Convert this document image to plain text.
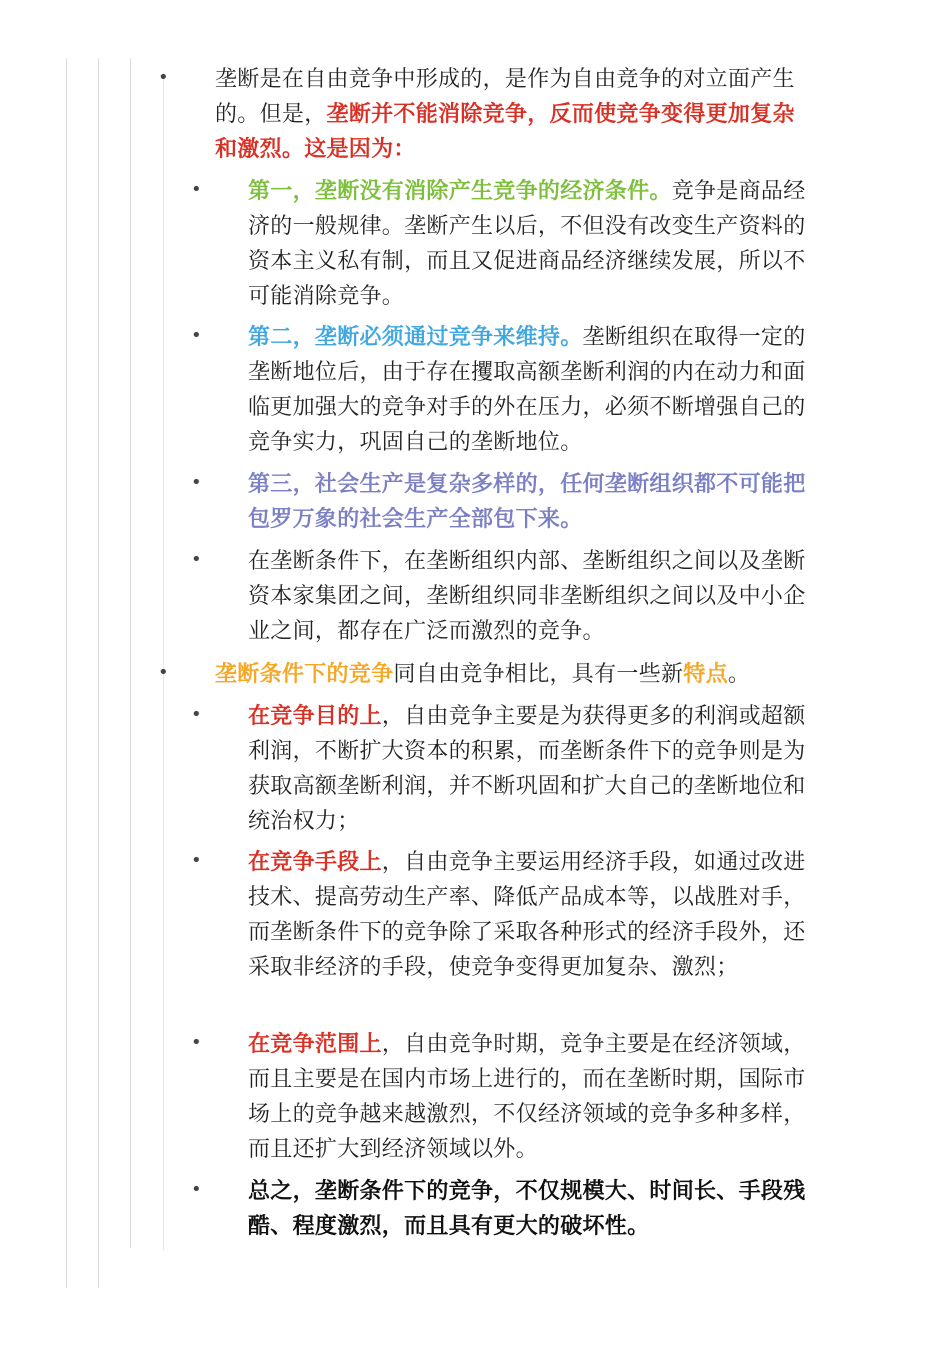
• 垄断是在自由竞争中形成的，是作为自由竞争的对立面产生的。但是，垄断并不能消除竞争，反而使竞争变得更加复杂和激烈。这是因为：
• 第一，垄断没有消除产生竞争的经济条件。竞争是商品经济的一般规律。垄断产生以后，不但没有改变生产资料的资本主义私有制，而且又促进商品经济继续发展，所以不可能消除竞争。
• 第二，垄断必须通过竞争来维持。垄断组织在取得一定的垄断地位后，由于存在攫取高额垄断利润的内在动力和面临更加强大的竞争对手的外在压力，必须不断增强自己的竞争实力，巩固自己的垄断地位。
• 第三，社会生产是复杂多样的，任何垄断组织都不可能把包罗万象的社会生产全部包下来。
• 在垄断条件下，在垄断组织内部、垄断组织之间以及垄断资本家集团之间，垄断组织同非垄断组织之间以及中小企业之间，都存在广泛而激烈的竞争。
• 垄断条件下的竞争同自由竞争相比，具有一些新特点。
• 在竞争目的上，自由竞争主要是为获得更多的利润或超额利润，不断扩大资本的积累，而垄断条件下的竞争则是为获取高额垄断利润，并不断巩固和扩大自己的垄断地位和统治权力；
• 在竞争手段上，自由竞争主要运用经济手段，如通过改进技术、提高劳动生产率、降低产品成本等，以战胜对手，而垄断条件下的竞争除了采取各种形式的经济手段外，还采取非经济的手段，使竞争变得更加复杂、激烈；
• 在竞争范围上，自由竞争时期，竞争主要是在经济领域，而且主要是在国内市场上进行的，而在垄断时期，国际市场上的竞争越来越激烈，不仅经济领域的竞争多种多样，而且还扩大到经济领域以外。
• 总之，垄断条件下的竞争，不仅规模大、时间长、手段残酷、程度激烈，而且具有更大的破坏性。
